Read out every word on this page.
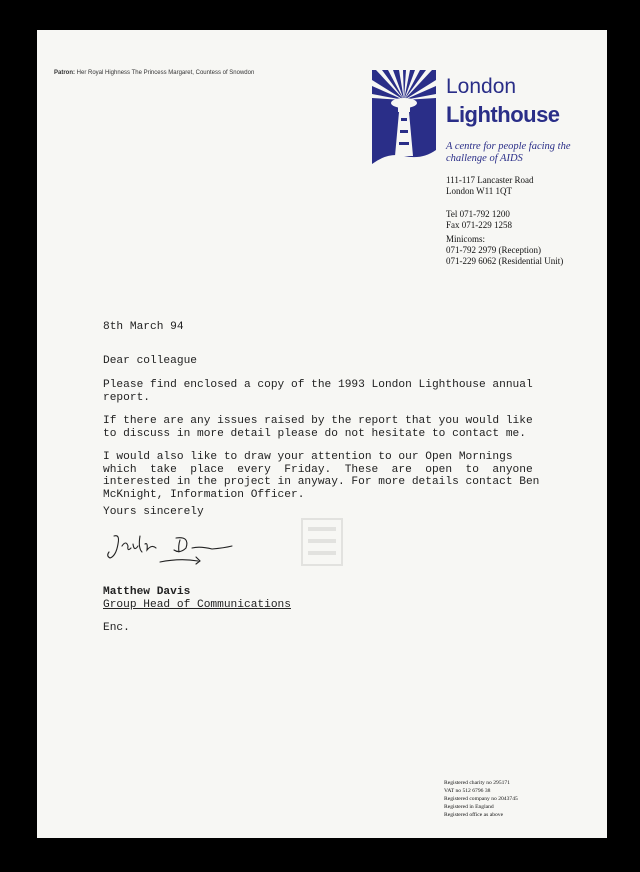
Patron: Her Royal Highness The Princess Margaret, Countess of Snowdon
London
Lighthouse
A centre for people facing the challenge of AIDS
111-117 Lancaster Road
London W11 1QT
Tel 071-792 1200
Fax 071-229 1258
Minicoms:
071-792 2979 (Reception)
071-229 6062 (Residential Unit)
8th March 94
Dear colleague
Please find enclosed a copy of the 1993 London Lighthouse annual
report.
If there are any issues raised by the report that you would like
to discuss in more detail please do not hesitate to contact me.
I would also like to draw your attention to our Open Mornings
which  take  place  every  Friday.  These  are  open  to  anyone
interested in the project in anyway. For more details contact Ben
McKnight, Information Officer.
Yours sincerely
Matthew Davis
Group Head of Communications
Enc.
Registered charity no 295171
VAT no 512 6796 38
Registered company no 2043745
Registered in England
Registered office as above
